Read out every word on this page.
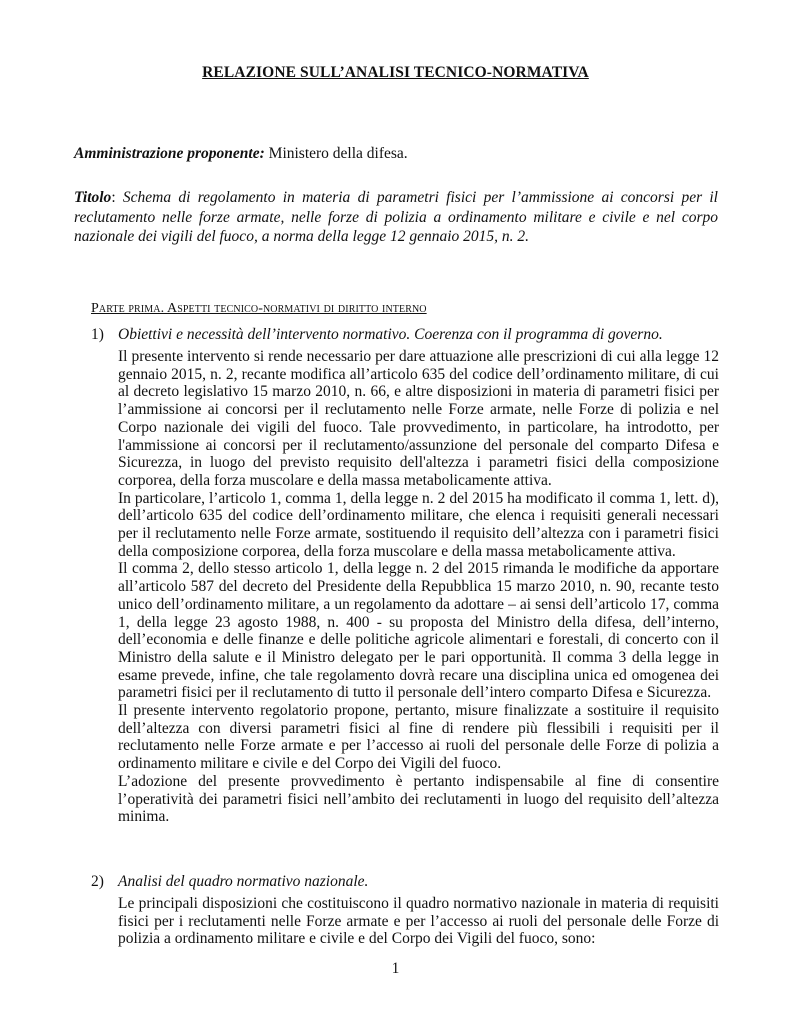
RELAZIONE SULL’ANALISI TECNICO-NORMATIVA
Amministrazione proponente: Ministero della difesa.
Titolo: Schema di regolamento in materia di parametri fisici per l’ammissione ai concorsi per il reclutamento nelle forze armate, nelle forze di polizia a ordinamento militare e civile e nel corpo nazionale dei vigili del fuoco, a norma della legge 12 gennaio 2015, n. 2.
Parte prima. Aspetti tecnico-normativi di diritto interno
1) Obiettivi e necessità dell’intervento normativo. Coerenza con il programma di governo.

Il presente intervento si rende necessario per dare attuazione alle prescrizioni di cui alla legge 12 gennaio 2015, n. 2, recante modifica all’articolo 635 del codice dell’ordinamento militare, di cui al decreto legislativo 15 marzo 2010, n. 66, e altre disposizioni in materia di parametri fisici per l’ammissione ai concorsi per il reclutamento nelle Forze armate, nelle Forze di polizia e nel Corpo nazionale dei vigili del fuoco. Tale provvedimento, in particolare, ha introdotto, per l'ammissione ai concorsi per il reclutamento/assunzione del personale del comparto Difesa e Sicurezza, in luogo del previsto requisito dell'altezza i parametri fisici della composizione corporea, della forza muscolare e della massa metabolicamente attiva.

In particolare, l’articolo 1, comma 1, della legge n. 2 del 2015 ha modificato il comma 1, lett. d), dell’articolo 635 del codice dell’ordinamento militare, che elenca i requisiti generali necessari per il reclutamento nelle Forze armate, sostituendo il requisito dell’altezza con i parametri fisici della composizione corporea, della forza muscolare e della massa metabolicamente attiva.

Il comma 2, dello stesso articolo 1, della legge n. 2 del 2015 rimanda le modifiche da apportare all’articolo 587 del decreto del Presidente della Repubblica 15 marzo 2010, n. 90, recante testo unico dell’ordinamento militare, a un regolamento da adottare – ai sensi dell’articolo 17, comma 1, della legge 23 agosto 1988, n. 400 - su proposta del Ministro della difesa, dell’interno, dell’economia e delle finanze e delle politiche agricole alimentari e forestali, di concerto con il Ministro della salute e il Ministro delegato per le pari opportunità. Il comma 3 della legge in esame prevede, infine, che tale regolamento dovrà recare una disciplina unica ed omogenea dei parametri fisici per il reclutamento di tutto il personale dell’intero comparto Difesa e Sicurezza.

Il presente intervento regolatorio propone, pertanto, misure finalizzate a sostituire il requisito dell’altezza con diversi parametri fisici al fine di rendere più flessibili i requisiti per il reclutamento nelle Forze armate e per l’accesso ai ruoli del personale delle Forze di polizia a ordinamento militare e civile e del Corpo dei Vigili del fuoco.

L’adozione del presente provvedimento è pertanto indispensabile al fine di consentire l’operatività dei parametri fisici nell’ambito dei reclutamenti in luogo del requisito dell’altezza minima.

2) Analisi del quadro normativo nazionale.

Le principali disposizioni che costituiscono il quadro normativo nazionale in materia di requisiti fisici per i reclutamenti nelle Forze armate e per l’accesso ai ruoli del personale delle Forze di polizia a ordinamento militare e civile e del Corpo dei Vigili del fuoco, sono:

1
